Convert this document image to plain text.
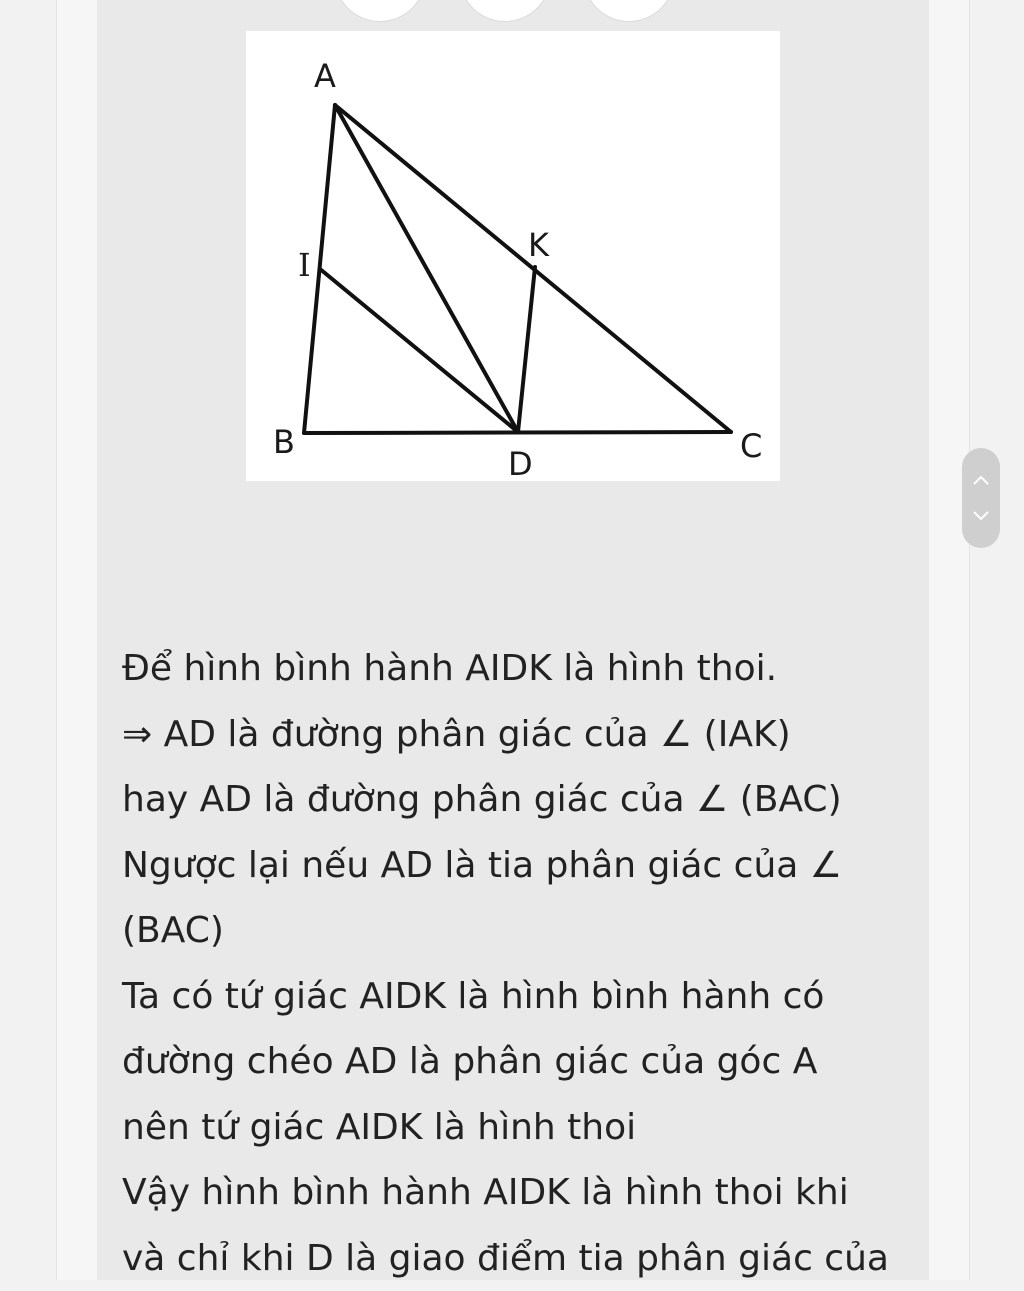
A
I
K
B
D	C
Để hình bình hành AIDK là hình thoi.
⇒ AD là đường phân giác của ∠ (IAK)
hay AD là đường phân giác của ∠ (BAC)
Ngược lại nếu AD là tia phân giác của ∠
(BAC)
Ta có tứ giác AIDK là hình bình hành có
đường chéo AD là phân giác của góc A
nên tứ giác AIDK là hình thoi
Vậy hình bình hành AIDK là hình thoi khi
và chỉ khi D là giao điểm tia phân giác của
